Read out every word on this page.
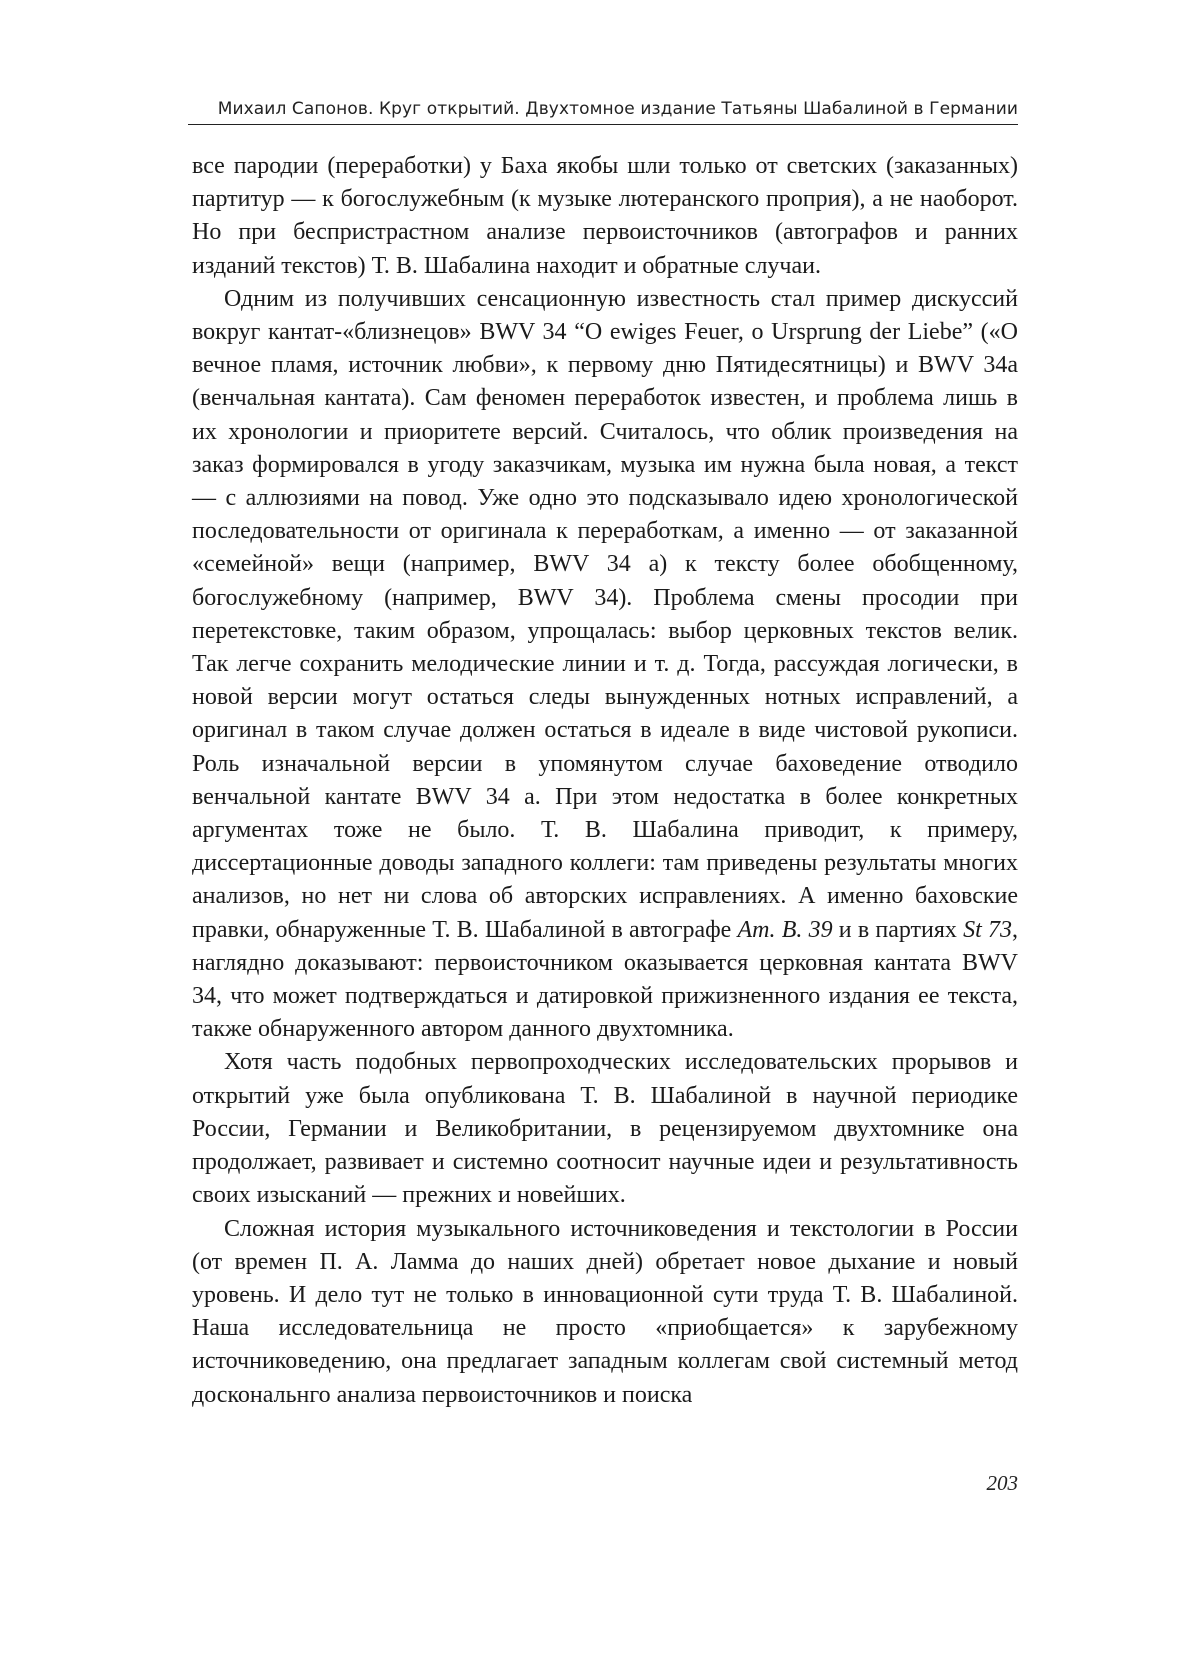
Михаил Сапонов. Круг открытий. Двухтомное издание Татьяны Шабалиной в Германии

все пародии (переработки) у Баха якобы шли только от светских (заказанных) партитур — к богослужебным (к музыке лютеранского проприя), а не наоборот. Но при беспристрастном анализе первоисточников (автографов и ранних изданий текстов) Т. В. Шабалина находит и обратные случаи.

Одним из получивших сенсационную известность стал пример дискуссий вокруг кантат-«близнецов» BWV 34 “O ewiges Feuer, o Ursprung der Liebe” («О вечное пламя, источник любви», к первому дню Пятидесятницы) и BWV 34a (венчальная кантата). Сам феномен переработок известен, и проблема лишь в их хронологии и приоритете версий. Считалось, что облик произведения на заказ формировался в угоду заказчикам, музыка им нужна была новая, а текст — с аллюзиями на повод. Уже одно это подсказывало идею хронологической последовательности от оригинала к переработкам, а именно — от заказанной «семейной» вещи (например, BWV 34 a) к тексту более обобщенному, богослужебному (например, BWV 34). Проблема смены просодии при перетекстовке, таким образом, упрощалась: выбор церковных текстов велик. Так легче сохранить мелодические линии и т. д. Тогда, рассуждая логически, в новой версии могут остаться следы вынужденных нотных исправлений, а оригинал в таком случае должен остаться в идеале в виде чистовой рукописи. Роль изначальной версии в упомянутом случае баховедение отводило венчальной кантате BWV 34 a. При этом недостатка в более конкретных аргументах тоже не было. Т. В. Шабалина приводит, к примеру, диссертационные доводы западного коллеги: там приведены результаты многих анализов, но нет ни слова об авторских исправлениях. А именно баховские правки, обнаруженные Т. В. Шабалиной в автографе Am. B. 39 и в партиях St 73, наглядно доказывают: первоисточником оказывается церковная кантата BWV 34, что может подтверждаться и датировкой прижизненного издания ее текста, также обнаруженного автором данного двухтомника.

Хотя часть подобных первопроходческих исследовательских прорывов и открытий уже была опубликована Т. В. Шабалиной в научной периодике России, Германии и Великобритании, в рецензируемом двухтомнике она продолжает, развивает и системно соотносит научные идеи и результативность своих изысканий — прежних и новейших.

Сложная история музыкального источниковедения и текстологии в России (от времен П. А. Ламма до наших дней) обретает новое дыхание и новый уровень. И дело тут не только в инновационной сути труда Т. В. Шабалиной. Наша исследовательница не просто «приобщается» к зарубежному источниковедению, она предлагает западным коллегам свой системный метод доскональнго анализа первоисточников и поиска

203
